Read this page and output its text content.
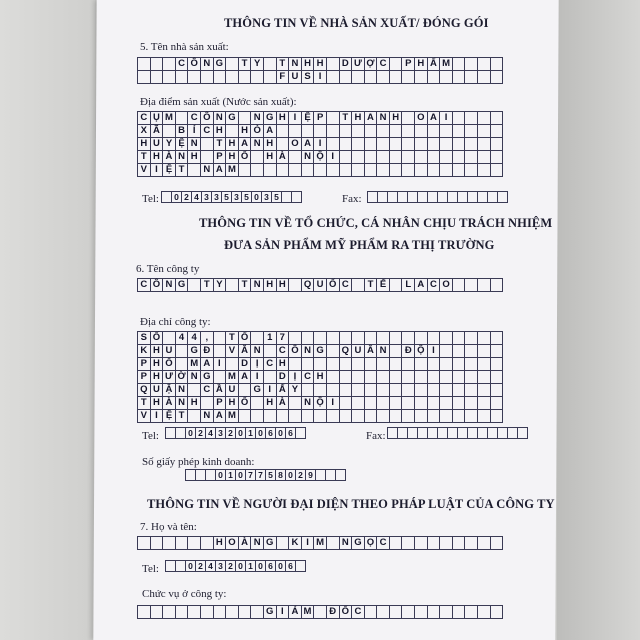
THÔNG TIN VỀ NHÀ SẢN XUẤT/ ĐÓNG GÓI
5. Tên nhà sản xuất:
C Ô N G	T Y	T N H H	D Ư Ợ C	P H Ẩ M
F U S I
Địa điểm sản xuất (Nước sản xuất):
C Ụ M	C Ô N G	N G H I Ệ P	T H A N H	O A I
X Ã	B Í C H	H Ò A
H U Y Ệ N	T H A N H	O A I
T H À N H	P H Ố	H À	N Ộ I
V I Ệ T	N A M
Tel:	0 2 4 3 3 5 3 5 0 3 5	Fax:
THÔNG TIN VỀ TỔ CHỨC, CÁ NHÂN CHỊU TRÁCH NHIỆM
ĐƯA SẢN PHẨM MỸ PHẨM RA THỊ TRƯỜNG
6. Tên công ty
C Ô N G	T Y	T N H H	Q U Ố C	T Ế	L A C O
Địa chỉ công ty:
S Ố	4 4 ,	T Ổ	1 7
K H U	G Đ	V Ă N	C Ô N G	Q U Â N	Đ Ộ I
P H Ố	M A I	D Ị C H
P H Ư Ờ N G	M A I	D Ị C H
Q U Ậ N	C Ầ U	G I Ấ Y
T H À N H	P H Ố	H À	N Ộ I
V I Ệ T	N A M
Tel:	0 2 4 3 2 0 1 0 6 0 6	Fax:
Số giấy phép kinh doanh:
0 1 0 7 7 5 8 0 2 9
THÔNG TIN VỀ NGƯỜI ĐẠI DIỆN THEO PHÁP LUẬT CỦA CÔNG TY
7. Họ và tên:
H O À N G	K I M	N G Ọ C
Tel:	0 2 4 3 2 0 1 0 6 0 6
Chức vụ ở công ty:
G I Á M	Đ Ố C
